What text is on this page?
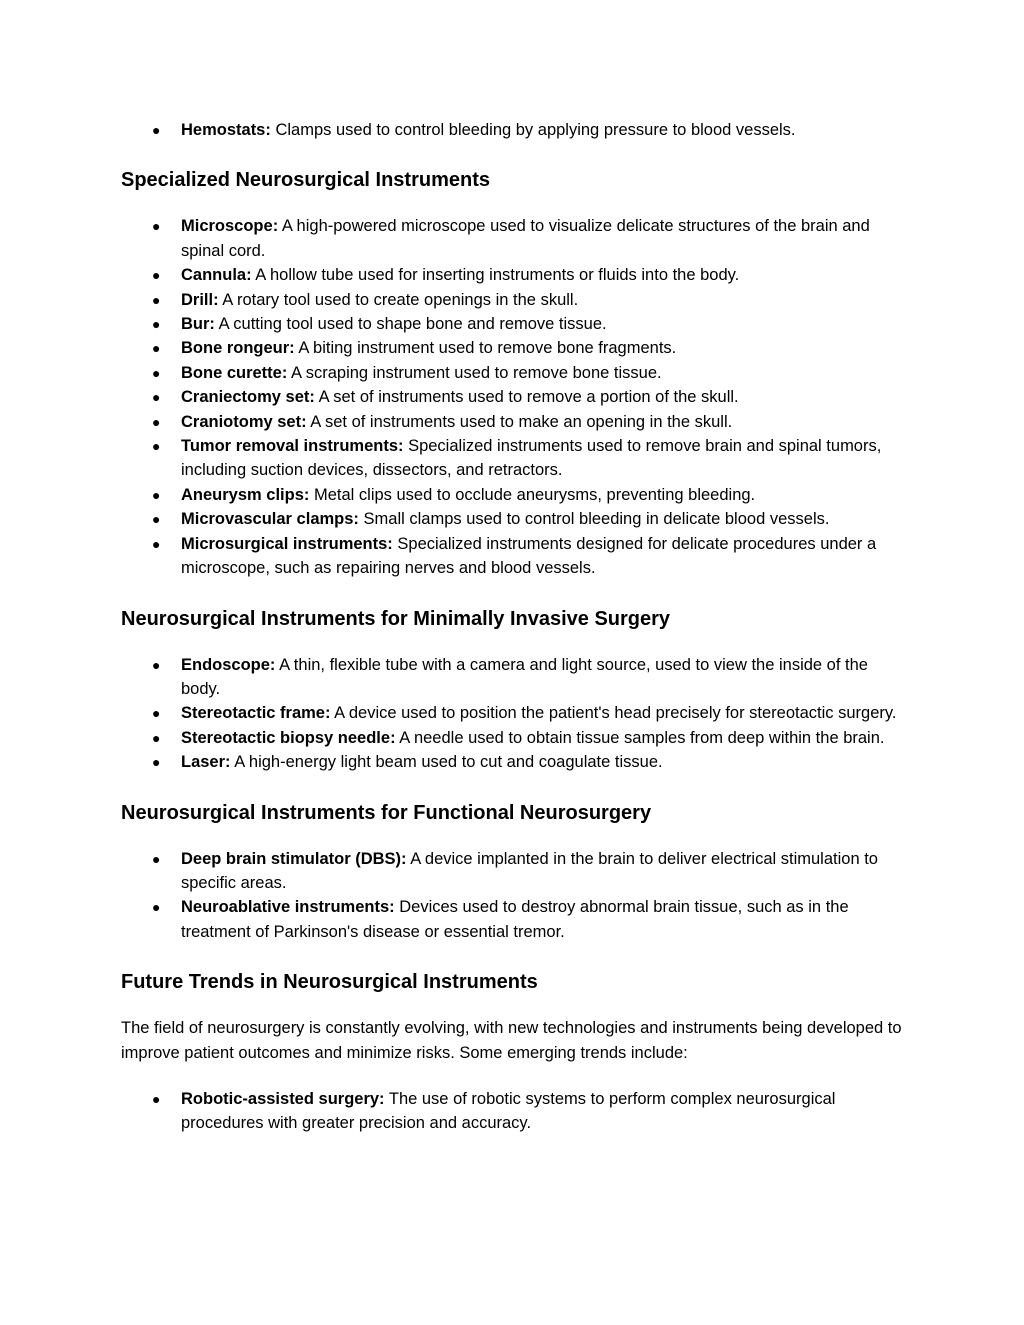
● Hemostats: Clamps used to control bleeding by applying pressure to blood vessels.
Specialized Neurosurgical Instruments
● Microscope: A high-powered microscope used to visualize delicate structures of the brain and spinal cord.
● Cannula: A hollow tube used for inserting instruments or fluids into the body.
● Drill: A rotary tool used to create openings in the skull.
● Bur: A cutting tool used to shape bone and remove tissue.
● Bone rongeur: A biting instrument used to remove bone fragments.
● Bone curette: A scraping instrument used to remove bone tissue.
● Craniectomy set: A set of instruments used to remove a portion of the skull.
● Craniotomy set: A set of instruments used to make an opening in the skull.
● Tumor removal instruments: Specialized instruments used to remove brain and spinal tumors, including suction devices, dissectors, and retractors.
● Aneurysm clips: Metal clips used to occlude aneurysms, preventing bleeding.
● Microvascular clamps: Small clamps used to control bleeding in delicate blood vessels.
● Microsurgical instruments: Specialized instruments designed for delicate procedures under a microscope, such as repairing nerves and blood vessels.
Neurosurgical Instruments for Minimally Invasive Surgery
● Endoscope: A thin, flexible tube with a camera and light source, used to view the inside of the body.
● Stereotactic frame: A device used to position the patient's head precisely for stereotactic surgery.
● Stereotactic biopsy needle: A needle used to obtain tissue samples from deep within the brain.
● Laser: A high-energy light beam used to cut and coagulate tissue.
Neurosurgical Instruments for Functional Neurosurgery
● Deep brain stimulator (DBS): A device implanted in the brain to deliver electrical stimulation to specific areas.
● Neuroablative instruments: Devices used to destroy abnormal brain tissue, such as in the treatment of Parkinson's disease or essential tremor.
Future Trends in Neurosurgical Instruments

The field of neurosurgery is constantly evolving, with new technologies and instruments being developed to improve patient outcomes and minimize risks. Some emerging trends include:

● Robotic-assisted surgery: The use of robotic systems to perform complex neurosurgical procedures with greater precision and accuracy.
